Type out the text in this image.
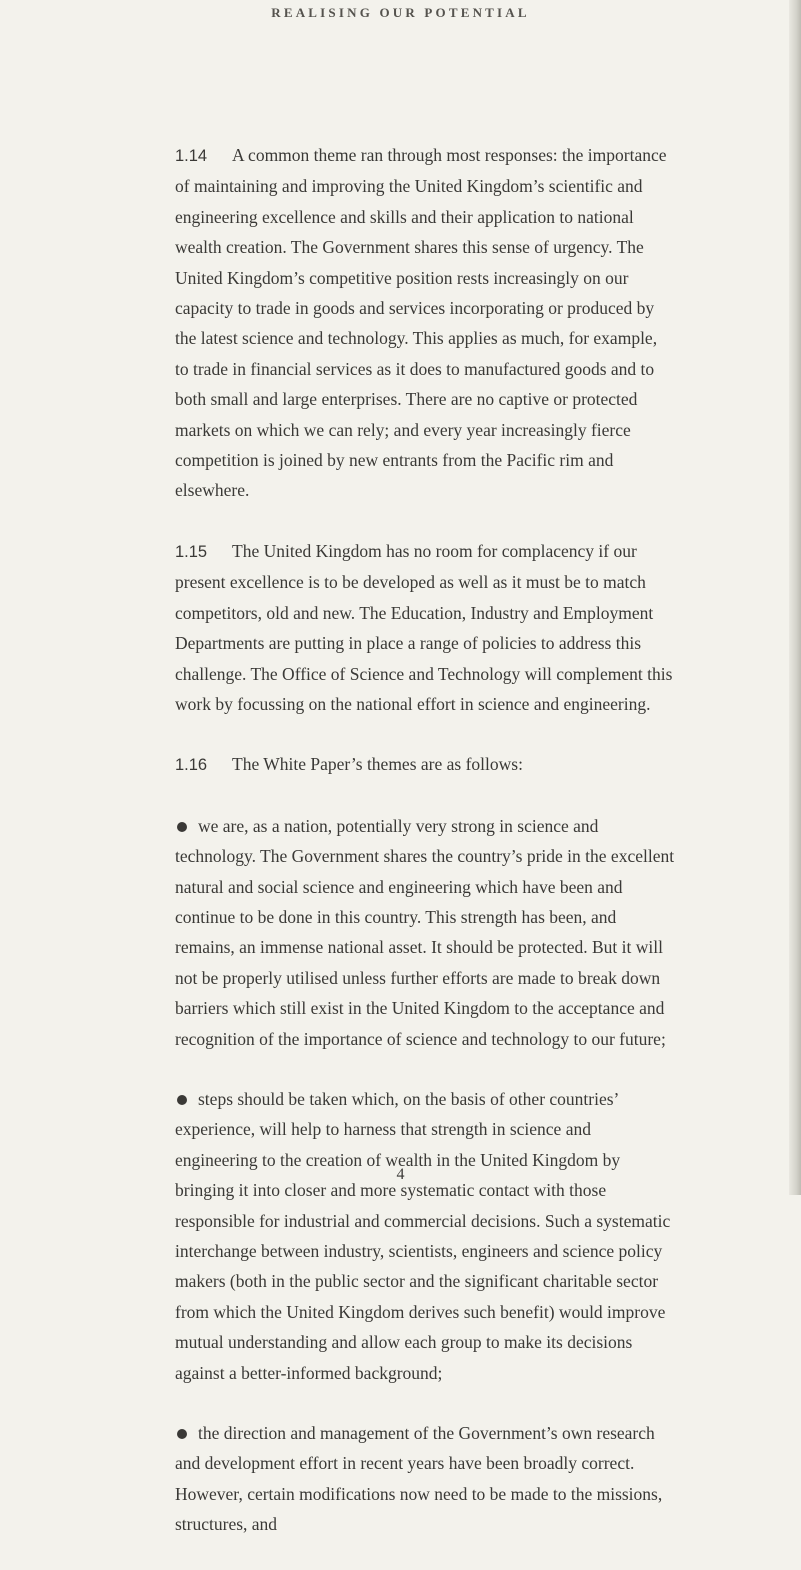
REALISING OUR POTENTIAL

1.14 A common theme ran through most responses: the importance of maintaining and improving the United Kingdom’s scientific and engineering excellence and skills and their application to national wealth creation. The Government shares this sense of urgency. The United Kingdom’s competitive position rests increasingly on our capacity to trade in goods and services incorporating or produced by the latest science and technology. This applies as much, for example, to trade in financial services as it does to manufactured goods and to both small and large enterprises. There are no captive or protected markets on which we can rely; and every year increasingly fierce competition is joined by new entrants from the Pacific rim and elsewhere.

1.15 The United Kingdom has no room for complacency if our present excellence is to be developed as well as it must be to match competitors, old and new. The Education, Industry and Employment Departments are putting in place a range of policies to address this challenge. The Office of Science and Technology will complement this work by focussing on the national effort in science and engineering.

1.16 The White Paper’s themes are as follows:

we are, as a nation, potentially very strong in science and technology. The Government shares the country’s pride in the excellent natural and social science and engineering which have been and continue to be done in this country. This strength has been, and remains, an immense national asset. It should be protected. But it will not be properly utilised unless further efforts are made to break down barriers which still exist in the United Kingdom to the acceptance and recognition of the importance of science and technology to our future;
steps should be taken which, on the basis of other countries’ experience, will help to harness that strength in science and engineering to the creation of wealth in the United Kingdom by bringing it into closer and more systematic contact with those responsible for industrial and commercial decisions. Such a systematic interchange between industry, scientists, engineers and science policy makers (both in the public sector and the significant charitable sector from which the United Kingdom derives such benefit) would improve mutual understanding and allow each group to make its decisions against a better-informed background;
the direction and management of the Government’s own research and development effort in recent years have been broadly correct. However, certain modifications now need to be made to the missions, structures, and
4
